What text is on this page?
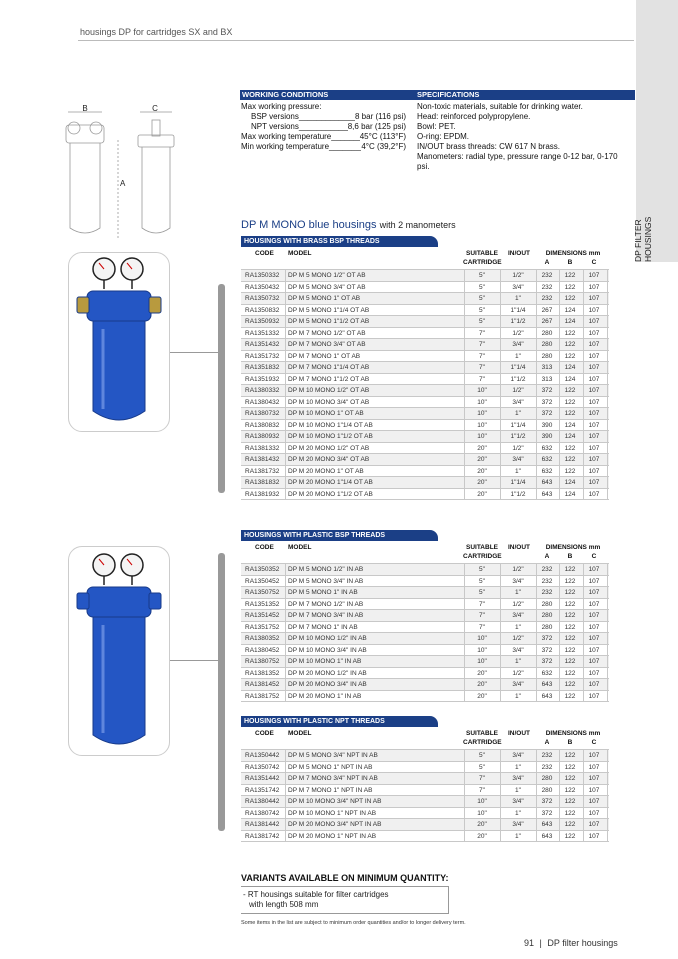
housings DP for cartridges SX and BX
DP FILTER HOUSINGS
WORKING CONDITIONS	SPECIFICATIONS
Max working pressure:
BSP versions _____	8 bar (116 psi)
NPT versions _____	8,6 bar (125 psi)
Max working temperature _____	45°C (113°F)
Min working temperature _____	4°C (39,2°F)
Non-toxic materials, suitable for drinking water.
Head: reinforced polypropylene.
Bowl: PET.
O-ring: EPDM.
IN/OUT brass threads: CW 617 N brass.
Manometers: radial type, pressure range 0-12 bar, 0-170 psi.
B	C
A
DP M MONO blue housings with 2 manometers
HOUSINGS WITH BRASS BSP THREADS
CODE MODEL	SUITABLE
CARTRIDGE
IN/OUT	DIMENSIONS mm
A	B	C
RA1350332 DP M 5 MONO 1/2" OT AB	5"	1/2"	232	122	107
RA1350432 DP M 5 MONO 3/4" OT AB	5"	3/4"	232	122	107
RA1350732 DP M 5 MONO 1" OT AB	5"	1"	232	122	107
RA1350832 DP M 5 MONO 1"1/4 OT AB	5"	1"1/4	267	124	107
RA1350932 DP M 5 MONO 1"1/2 OT AB	5"	1"1/2	267	124	107
RA1351332 DP M 7 MONO 1/2" OT AB	7"	1/2"	280	122	107
RA1351432 DP M 7 MONO 3/4" OT AB	7"	3/4"	280	122	107
RA1351732 DP M 7 MONO 1" OT AB	7"	1"	280	122	107
RA1351832 DP M 7 MONO 1"1/4 OT AB	7"	1"1/4	313	124	107
RA1351932 DP M 7 MONO 1"1/2 OT AB	7"	1"1/2	313	124	107
RA1380332 DP M 10 MONO 1/2" OT AB	10"	1/2"	372	122	107
RA1380432 DP M 10 MONO 3/4" OT AB	10"	3/4"	372	122	107
RA1380732 DP M 10 MONO 1" OT AB	10"	1"	372	122	107
RA1380832 DP M 10 MONO 1"1/4 OT AB	10"	1"1/4	390	124	107
RA1380932 DP M 10 MONO 1"1/2 OT AB	10"	1"1/2	390	124	107
RA1381332 DP M 20 MONO 1/2" OT AB	20"	1/2"	632	122	107
RA1381432 DP M 20 MONO 3/4" OT AB	20"	3/4"	632	122	107
RA1381732 DP M 20 MONO 1" OT AB	20"	1"	632	122	107
RA1381832 DP M 20 MONO 1"1/4 OT AB	20"	1"1/4	643	124	107
RA1381932 DP M 20 MONO 1"1/2 OT AB	20"	1"1/2	643	124	107
HOUSINGS WITH PLASTIC BSP THREADS
CODE MODEL	SUITABLE
CARTRIDGE
IN/OUT	DIMENSIONS mm
A	B	C
RA1350352 DP M 5 MONO 1/2" IN AB	5"	1/2"	232	122	107
RA1350452 DP M 5 MONO 3/4" IN AB	5"	3/4"	232	122	107
RA1350752 DP M 5 MONO 1" IN AB	5"	1"	232	122	107
RA1351352 DP M 7 MONO 1/2" IN AB	7"	1/2"	280	122	107
RA1351452 DP M 7 MONO 3/4" IN AB	7"	3/4"	280	122	107
RA1351752 DP M 7 MONO 1" IN AB	7"	1"	280	122	107
RA1380352 DP M 10 MONO 1/2" IN AB	10"	1/2"	372	122	107
RA1380452 DP M 10 MONO 3/4" IN AB	10"	3/4"	372	122	107
RA1380752 DP M 10 MONO 1" IN AB	10"	1"	372	122	107
RA1381352 DP M 20 MONO 1/2" IN AB	20"	1/2"	632	122	107
RA1381452 DP M 20 MONO 3/4" IN AB	20"	3/4"	643	122	107
RA1381752 DP M 20 MONO 1" IN AB	20"	1"	643	122	107
HOUSINGS WITH PLASTIC NPT THREADS
CODE MODEL	SUITABLE
CARTRIDGE
IN/OUT	DIMENSIONS mm
A	B	C
RA1350442 DP M 5 MONO 3/4" NPT IN AB	5"	3/4"	232	122	107
RA1350742 DP M 5 MONO 1" NPT IN AB	5"	1"	232	122	107
RA1351442 DP M 7 MONO 3/4" NPT IN AB	7"	3/4"	280	122	107
RA1351742 DP M 7 MONO 1" NPT IN AB	7"	1"	280	122	107
RA1380442 DP M 10 MONO 3/4" NPT IN AB	10"	3/4"	372	122	107
RA1380742 DP M 10 MONO 1" NPT IN AB	10"	1"	372	122	107
RA1381442 DP M 20 MONO 3/4" NPT IN AB	20"	3/4"	643	122	107
RA1381742 DP M 20 MONO 1" NPT IN AB	20"	1"	643	122	107
VARIANTS AVAILABLE ON MINIMUM QUANTITY:
- RT housings suitable for filter cartridges
with length 508 mm
Some items in the list are subject to minimum order quantities and/or to longer delivery term.
91 | DP filter housings
